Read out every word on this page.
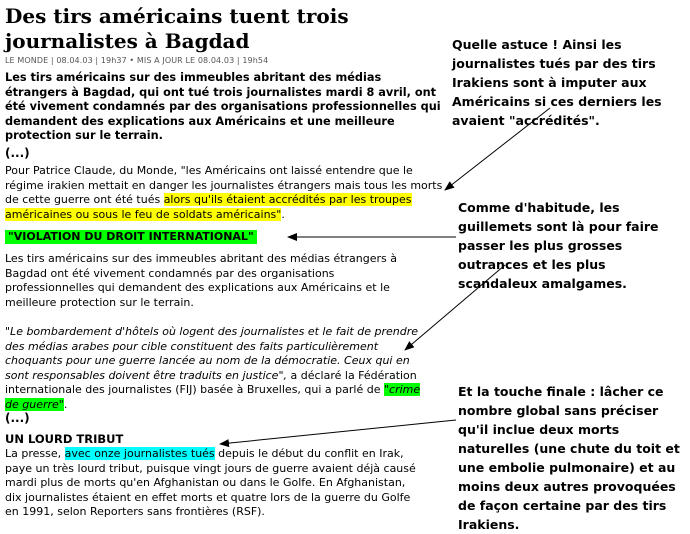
Des tirs américains tuent trois journalistes à Bagdad
LE MONDE | 08.04.03 | 19h37 • MIS A JOUR LE 08.04.03 | 19h54
Les tirs américains sur des immeubles abritant des médias étrangers à Bagdad, qui ont tué trois journalistes mardi 8 avril, ont été vivement condamnés par des organisations professionnelles qui demandent des explications aux Américains et une meilleure protection sur le terrain.
(...)
Pour Patrice Claude, du Monde, "les Américains ont laissé entendre que le régime irakien mettait en danger les journalistes étrangers mais tous les morts de cette guerre ont été tués alors qu'ils étaient accrédités par les troupes américaines ou sous le feu de soldats américains".
"VIOLATION DU DROIT INTERNATIONAL"
Les tirs américains sur des immeubles abritant des médias étrangers à Bagdad ont été vivement condamnés par des organisations professionnelles qui demandent des explications aux Américains et le meilleure protection sur le terrain.
"Le bombardement d'hôtels où logent des journalistes et le fait de prendre des médias arabes pour cible constituent des faits particulièrement choquants pour une guerre lancée au nom de la démocratie. Ceux qui en sont responsables doivent être traduits en justice", a déclaré la Fédération internationale des journalistes (FIJ) basée à Bruxelles, qui a parlé de "crime de guerre".
(...)
UN LOURD TRIBUT
La presse, avec onze journalistes tués depuis le début du conflit en Irak, paye un très lourd tribut, puisque vingt jours de guerre avaient déjà causé mardi plus de morts qu'en Afghanistan ou dans le Golfe. En Afghanistan, dix journalistes étaient en effet morts et quatre lors de la guerre du Golfe en 1991, selon Reporters sans frontières (RSF).
Quelle astuce ! Ainsi les journalistes tués par des tirs Irakiens sont à imputer aux Américains si ces derniers les avaient "accrédités".
Comme d'habitude, les guillemets sont là pour faire passer les plus grosses outrances et les plus scandaleux amalgames.
Et la touche finale : lâcher ce nombre global sans préciser qu'il inclue deux morts naturelles (une chute du toit et une embolie pulmonaire) et au moins deux autres provoquées de façon certaine par des tirs Irakiens.
